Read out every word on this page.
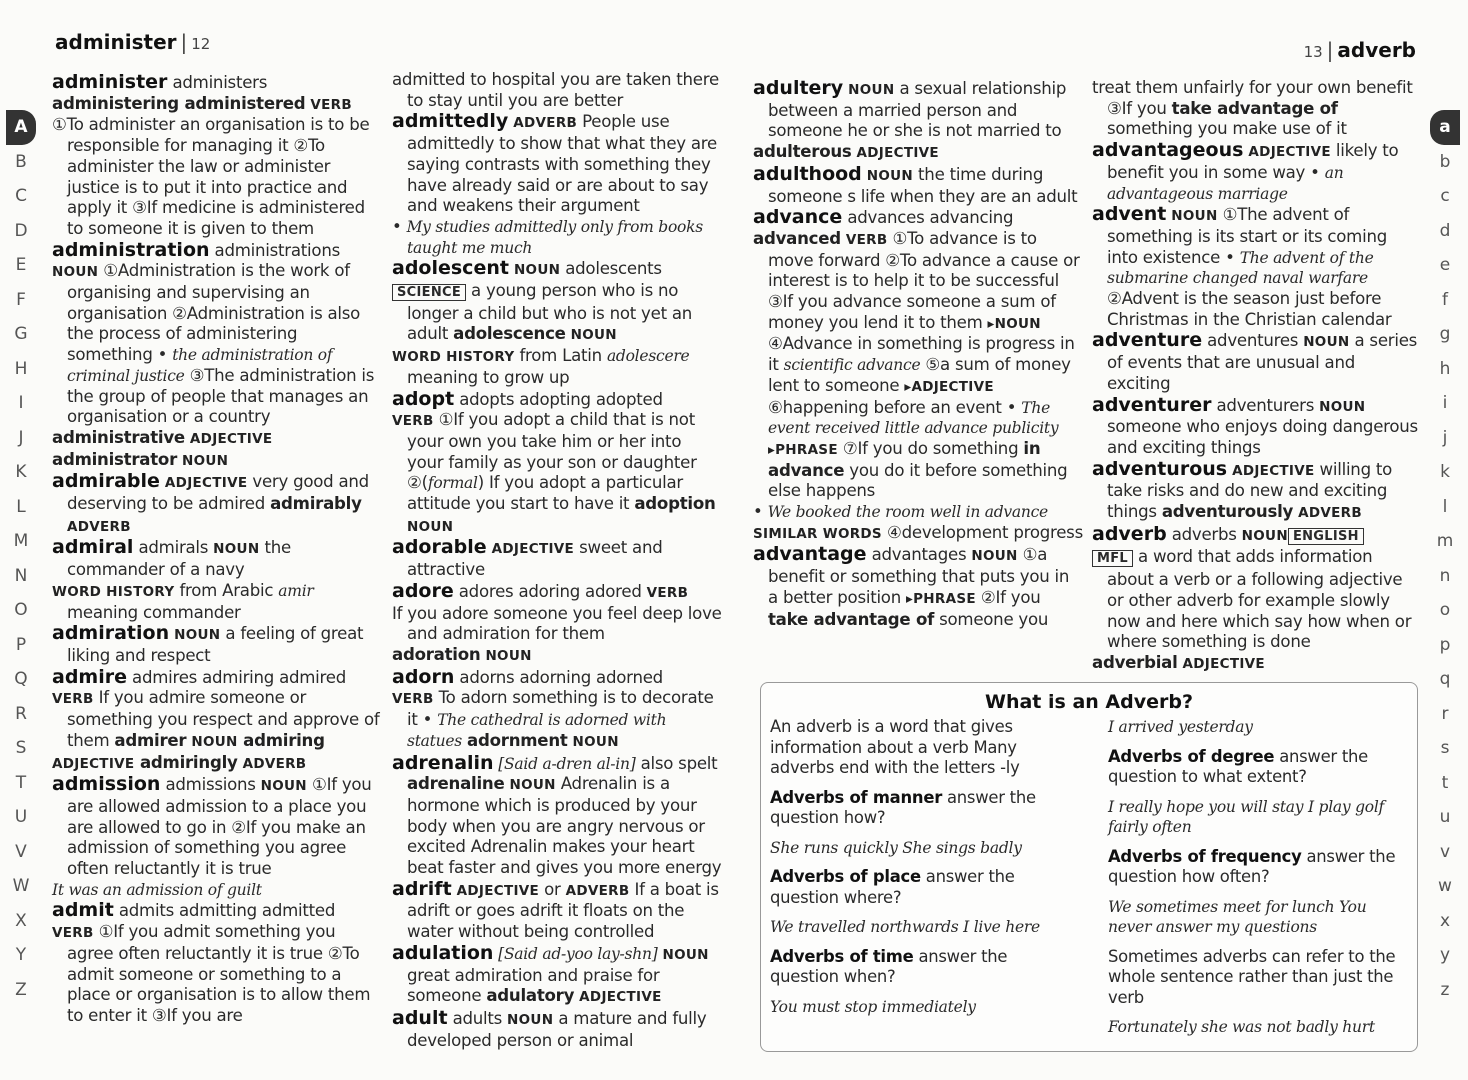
administer | 12	13 | adverb
A
B
C
D
E
F
G
H
I
J
K
L
M
N
O
P
Q
R
S
T
U
V
W
X
Y
Z
a
b
c
d
e
f
g
h
i
j
k
l
m
n
o
p
q
r
s
t
u
v
w
x
y
z

administer administers

administering administered VERB

①To administer an organisation is to be responsible for managing it ②To administer the law or administer justice is to put it into practice and apply it ③If medicine is administered to someone it is given to them

administration administrations

NOUN ①Administration is the work of organising and supervising an organisation ②Administration is also the process of administering something • the administration of criminal justice ③The administration is the group of people that manages an organisation or a country

administrative ADJECTIVE

administrator NOUN

admirable ADJECTIVE very good and deserving to be admired admirably ADVERB

admiral admirals NOUN the commander of a navy

WORD HISTORY from Arabic amir meaning commander

admiration NOUN a feeling of great liking and respect

admire admires admiring admired

VERB If you admire someone or something you respect and approve of them admirer NOUN admiring

ADJECTIVE admiringly ADVERB

admission admissions NOUN ①If you are allowed admission to a place you are allowed to go in ②If you make an admission of something you agree often reluctantly it is true

It was an admission of guilt

admit admits admitting admitted

VERB ①If you admit something you agree often reluctantly it is true ②To admit someone or something to a place or organisation is to allow them to enter it ③If you are

admitted to hospital you are taken there to stay until you are better

admittedly ADVERB People use admittedly to show that what they are saying contrasts with something they have already said or are about to say and weakens their argument

• My studies admittedly only from books taught me much

adolescent NOUN adolescents

SCIENCE a young person who is no longer a child but who is not yet an adult adolescence NOUN

WORD HISTORY from Latin adolescere meaning to grow up

adopt adopts adopting adopted

VERB ①If you adopt a child that is not your own you take him or her into your family as your son or daughter ②(formal) If you adopt a particular attitude you start to have it adoption NOUN

adorable ADJECTIVE sweet and attractive

adore adores adoring adored VERB

If you adore someone you feel deep love and admiration for them

adoration NOUN

adorn adorns adorning adorned

VERB To adorn something is to decorate it • The cathedral is adorned with statues adornment NOUN

adrenalin [Said a-dren al-in] also spelt adrenaline NOUN Adrenalin is a hormone which is produced by your body when you are angry nervous or excited Adrenalin makes your heart beat faster and gives you more energy

adrift ADJECTIVE or ADVERB If a boat is adrift or goes adrift it floats on the water without being controlled

adulation [Said ad-yoo lay-shn] NOUN great admiration and praise for someone adulatory ADJECTIVE

adult adults NOUN a mature and fully developed person or animal

adultery NOUN a sexual relationship between a married person and someone he or she is not married to

adulterous ADJECTIVE

adulthood NOUN the time during someone s life when they are an adult

advance advances advancing

advanced VERB ①To advance is to move forward ②To advance a cause or interest is to help it to be successful ③If you advance someone a sum of money you lend it to them ▸NOUN ④Advance in something is progress in it scientific advance ⑤a sum of money lent to someone ▸ADJECTIVE ⑥happening before an event • The event received little advance publicity ▸PHRASE ⑦If you do something in advance you do it before something else happens

• We booked the room well in advance

SIMILAR WORDS ④development progress

advantage advantages NOUN ①a benefit or something that puts you in a better position ▸PHRASE ②If you take advantage of someone you

treat them unfairly for your own benefit ③If you take advantage of something you make use of it

advantageous ADJECTIVE likely to benefit you in some way • an advantageous marriage

advent NOUN ①The advent of something is its start or its coming into existence • The advent of the submarine changed naval warfare ②Advent is the season just before Christmas in the Christian calendar

adventure adventures NOUN a series of events that are unusual and exciting

adventurer adventurers NOUN someone who enjoys doing dangerous and exciting things

adventurous ADJECTIVE willing to take risks and do new and exciting things adventurously ADVERB

adverb adverbs NOUN ENGLISH

MFL a word that adds information about a verb or a following adjective or other adverb for example slowly now and here which say how when or where something is done

adverbial ADJECTIVE

What is an Adverb?

An adverb is a word that gives information about a verb Many adverbs end with the letters -ly

Adverbs of manner answer the question how?

She runs quickly She sings badly

Adverbs of place answer the question where?

We travelled northwards I live here

Adverbs of time answer the question when?

You must stop immediately

I arrived yesterday

Adverbs of degree answer the question to what extent?

I really hope you will stay I play golf fairly often

Adverbs of frequency answer the question how often?

We sometimes meet for lunch You never answer my questions

Sometimes adverbs can refer to the whole sentence rather than just the verb

Fortunately she was not badly hurt
